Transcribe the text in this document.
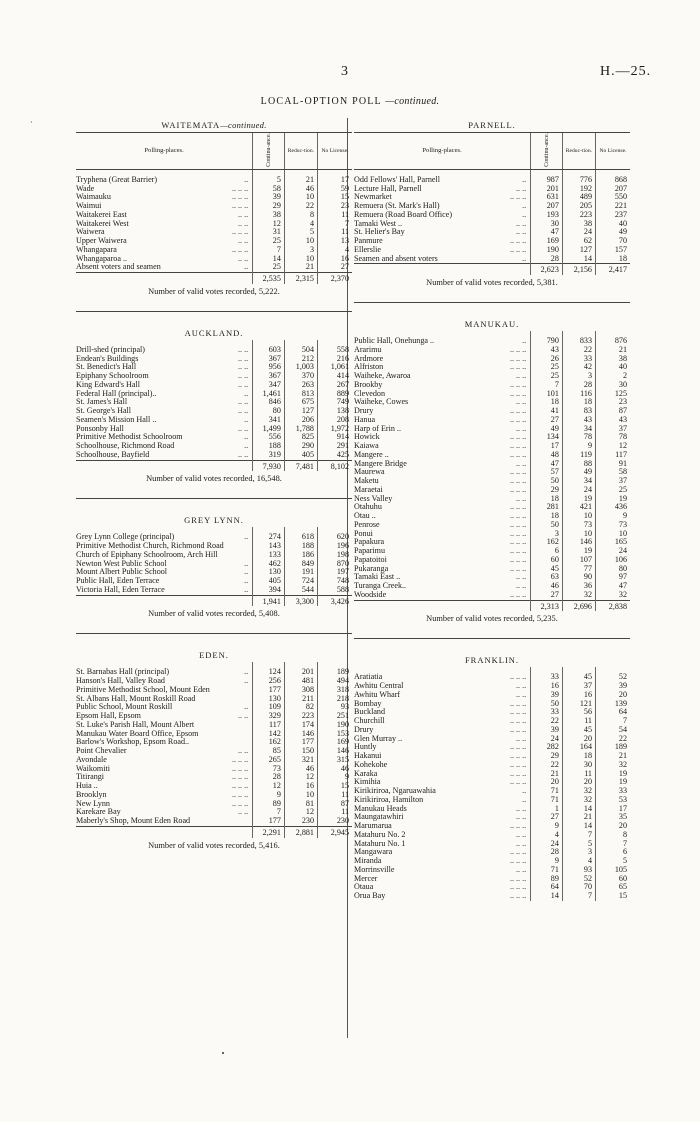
3	H.—25.
LOCAL-OPTION POLL —continued.
·	WAITEMATA—continued.
Polling-places.	Continu-ance.	Reduc-tion.	No License.

Tryphena (Great Barrier) ..	5	21	17
Wade .. .. ..	58	46	59
Waimauku .. .. ..	39	10	15
Waimui .. .. ..	29	22	23
Waitakerei East .. ..	38	8	11
Waitakerei West .. ..	12	4	7
Waiwera .. .. ..	31	5	11
Upper Waiwera .. ..	25	10	13
Whangapara .. .. ..	7	3	4
Whangaparoa .. .. ..	14	10	16
Absent voters and seamen ..	25	21	27
	2,535	2,315	2,370
Number of valid votes recorded, 5,222.
AUCKLAND.

Drill-shed (principal) .. ..	603	504	558
Endean's Buildings .. ..	367	212	216
St. Benedict's Hall .. ..	956	1,003	1,061
Epiphany Schoolroom .. ..	367	370	414
King Edward's Hall .. ..	347	263	267
Federal Hall (principal).. ..	1,461	813	889
St. James's Hall .. ..	846	675	749
St. George's Hall .. ..	80	127	138
Seamen's Mission Hall .. ..	341	206	208
Ponsonby Hall .. ..	1,499	1,788	1,972
Primitive Methodist Schoolroom ..	556	825	914
Schoolhouse, Richmond Road ..	188	290	291
Schoolhouse, Bayfield .. ..	319	405	425
	7,930	7,481	8,102
Number of valid votes recorded, 16,548.
GREY LYNN.

Grey Lynn College (principal) ..	274	618	620
Primitive Methodist Church, Richmond Road	143	188	196
Church of Epiphany Schoolroom, Arch Hill	133	186	198
Newton West Public School ..	462	849	870
Mount Albert Public School ..	130	191	197
Public Hall, Eden Terrace ..	405	724	748
Victoria Hall, Eden Terrace ..	394	544	588
	1,941	3,300	3,426
Number of valid votes recorded, 5,408.
EDEN.

St. Barnabas Hall (principal) ..	124	201	189
Hanson's Hall, Valley Road ..	256	481	494
Primitive Methodist School, Mount Eden	177	308	318
St. Albans Hall, Mount Roskill Road	130	211	218
Public School, Mount Roskill ..	109	82	93
Epsom Hall, Epsom .. ..	329	223	251
St. Luke's Parish Hall, Mount Albert	117	174	190
Manukau Water Board Office, Epsom	142	146	153
Barlow's Workshop, Epsom Road..	162	177	169
Point Chevalier .. ..	85	150	146
Avondale .. .. ..	265	321	315
Waikomiti .. .. ..	73	46	46
Titirangi .. .. ..	28	12	9
Huia .. .. .. ..	12	16	15
Brooklyn .. .. ..	9	10	11
New Lynn .. .. ..	89	81	87
Karekare Bay .. ..	7	12	11
Maberly's Shop, Mount Eden Road	177	230	230
	2,291	2,881	2,945
Number of valid votes recorded, 5,416.
PARNELL.
Polling-places.	Continu-ance.	Reduc-tion.	No License.

Odd Fellows' Hall, Parnell ..	987	776	868
Lecture Hall, Parnell .. ..	201	192	207
Newmarket .. .. ..	631	489	550
Remuera (St. Mark's Hall) ..	207	205	221
Remuera (Road Board Office) ..	193	223	237
Tamaki West .. .. ..	30	38	40
St. Helier's Bay .. ..	47	24	49
Panmure .. .. ..	169	62	70
Ellerslie .. .. ..	190	127	157
Seamen and absent voters ..	28	14	18
	2,623	2,156	2,417
Number of valid votes recorded, 5,381.
MANUKAU.

Public Hall, Onehunga .. ..	790	833	876
Ararimu .. .. ..	43	22	21
Ardmore .. .. ..	26	33	38
Alfriston .. .. ..	25	42	40
Waiheke, Awaroa .. ..	25	3	2
Brookby .. .. ..	7	28	30
Clevedon .. .. ..	101	116	125
Waiheke, Cowes .. ..	18	18	23
Drury .. .. ..	41	83	87
Hanua .. .. ..	27	43	43
Harp of Erin .. .. ..	49	34	37
Howick .. .. ..	134	78	78
Kaiawa .. .. ..	17	9	12
Mangere .. .. .. ..	48	119	117
Mangere Bridge .. ..	47	88	91
Maurewa .. .. ..	57	49	58
Maketu .. .. ..	50	34	37
Maraetai .. .. ..	29	24	25
Ness Valley .. ..	18	19	19
Otahuhu .. .. ..	281	421	436
Otau .. .. .. ..	18	10	9
Penrose .. .. ..	50	73	73
Ponui .. .. ..	3	10	10
Papakura .. .. ..	162	146	165
Paparimu .. .. ..	6	19	24
Papatoitoi .. .. ..	60	107	106
Pukaranga .. .. ..	45	77	80
Tamaki East .. .. ..	63	90	97
Turanga Creek.. .. ..	46	36	47
Woodside .. .. ..	27	32	32
	2,313	2,696	2,838
Number of valid votes recorded, 5,235.
FRANKLIN.

Aratiatia .. .. ..	33	45	52
Awhitu Central .. ..	16	37	39
Awhitu Wharf .. ..	39	16	20
Bombay .. .. ..	50	121	139
Buckland .. .. ..	33	56	64
Churchill .. .. ..	22	11	7
Drury .. .. ..	39	45	54
Glen Murray .. .. ..	24	20	22
Huntly .. .. ..	282	164	189
Hakanui .. .. ..	29	18	21
Kohekohe .. .. ..	22	30	32
Karaka .. .. ..	21	11	19
Kimihia .. .. ..	20	20	19
Kirikiriroa, Ngaruawahia ..	71	32	33
Kirikiriroa, Hamilton ..	71	32	53
Manukau Heads .. ..	1	14	17
Maungatawhiri .. ..	27	21	35
Marumarua .. .. ..	9	14	20
Matahuru No. 2 .. ..	4	7	8
Matahuru No. 1 .. ..	24	5	7
Mangawara .. .. ..	28	3	6
Miranda .. .. ..	9	4	5
Morrinsville .. ..	71	93	105
Mercer .. .. ..	89	52	60
Otaua .. .. ..	64	70	65
Orua Bay .. .. ..	14	7	15
